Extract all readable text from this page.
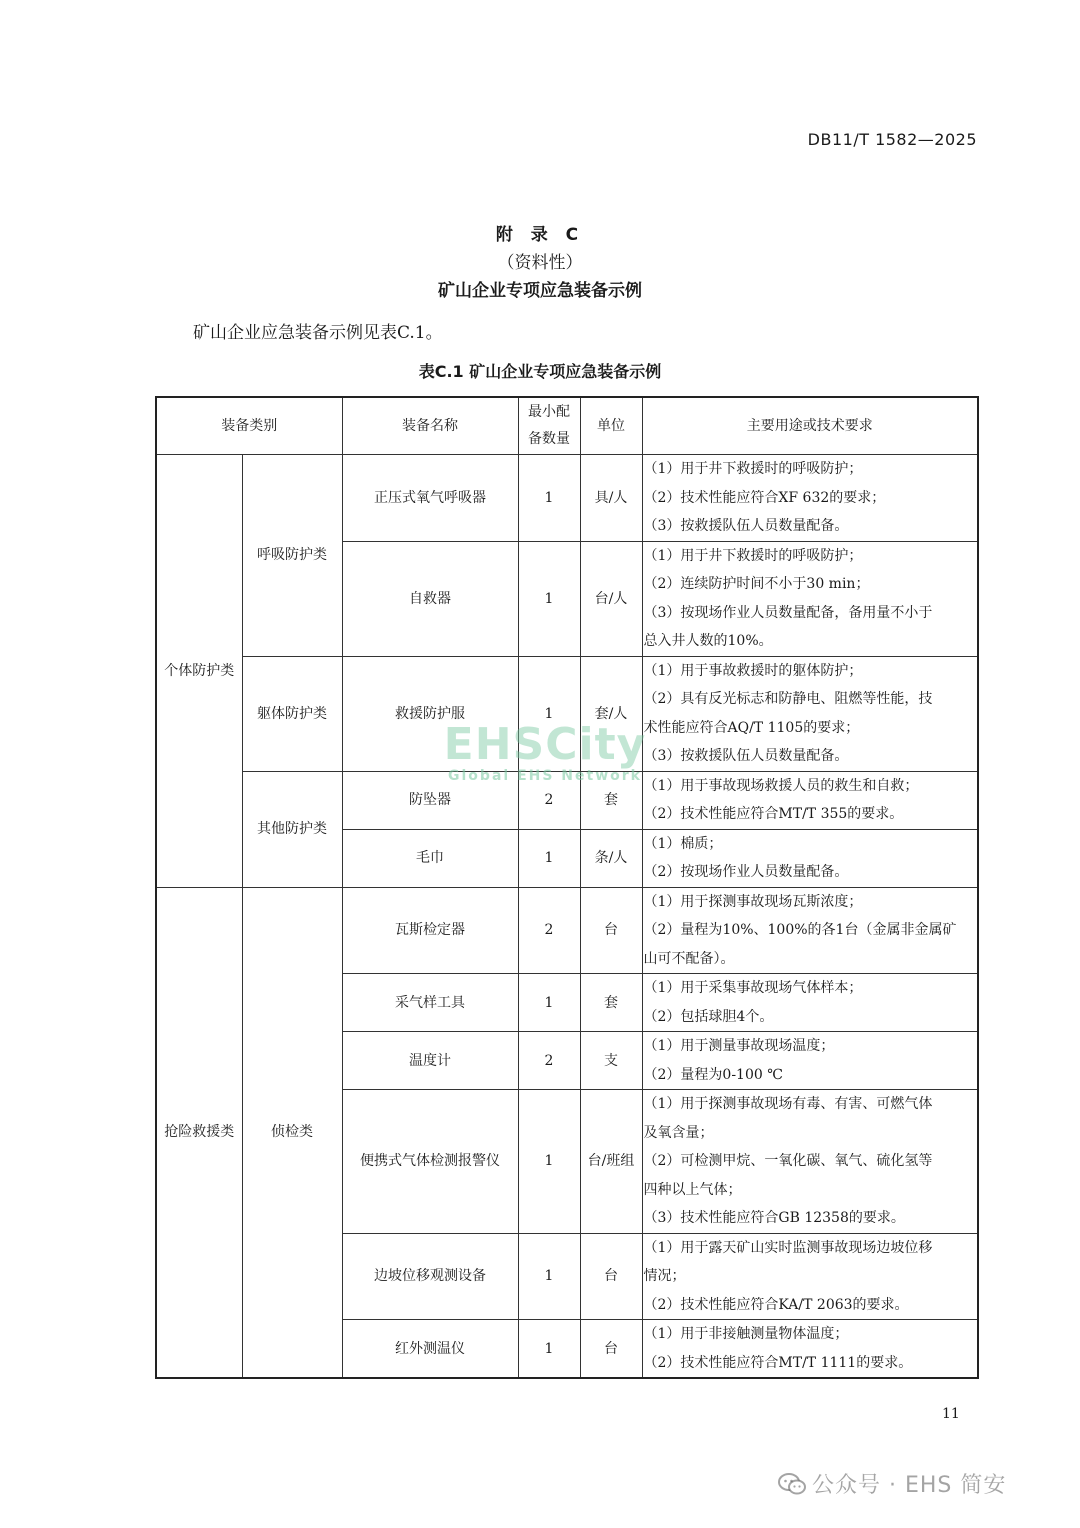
DB11/T 1582—2025
附 录 C
（资料性）
矿山企业专项应急装备示例
矿山企业应急装备示例见表C.1。
表C.1 矿山企业专项应急装备示例
装备类别		装备名称	最小配
备数量	单位	主要用途或技术要求
个体防护类	呼吸防护类	正压式氧气呼吸器	1	具/人	（1）用于井下救援时的呼吸防护；
（2）技术性能应符合XF 632的要求；
（3）按救援队伍人员数量配备。

		自救器	1	台/人	（1）用于井下救援时的呼吸防护；
（2）连续防护时间不小于30 min；
（3）按现场作业人员数量配备，备用量不小于
总入井人数的10%。

	躯体防护类	救援防护服	1	套/人	（1）用于事故救援时的躯体防护；
（2）具有反光标志和防静电、阻燃等性能，技
术性能应符合AQ/T 1105的要求；
（3）按救援队伍人员数量配备。

	其他防护类	防坠器	2	套	（1）用于事故现场救援人员的救生和自救；
（2）技术性能应符合MT/T 355的要求。

		毛巾	1	条/人	（1）棉质；
（2）按现场作业人员数量配备。

抢险救援类	侦检类	瓦斯检定器	2	台	（1）用于探测事故现场瓦斯浓度；
（2）量程为10%、100%的各1台（金属非金属矿
山可不配备）。

		采气样工具	1	套	（1）用于采集事故现场气体样本；
（2）包括球胆4个。

		温度计	2	支	（1）用于测量事故现场温度；
（2）量程为0-100 ℃

		便携式气体检测报警仪	1	台/班组	（1）用于探测事故现场有毒、有害、可燃气体
及氧含量；
（2）可检测甲烷、一氧化碳、氧气、硫化氢等
四种以上气体；
（3）技术性能应符合GB 12358的要求。

		边坡位移观测设备	1	台	（1）用于露天矿山实时监测事故现场边坡位移
情况；
（2）技术性能应符合KA/T 2063的要求。

		红外测温仪	1	台	（1）用于非接触测量物体温度；
（2）技术性能应符合MT/T 1111的要求。
EHSCity
Global EHS Network
11
公众号 · EHS 简安
